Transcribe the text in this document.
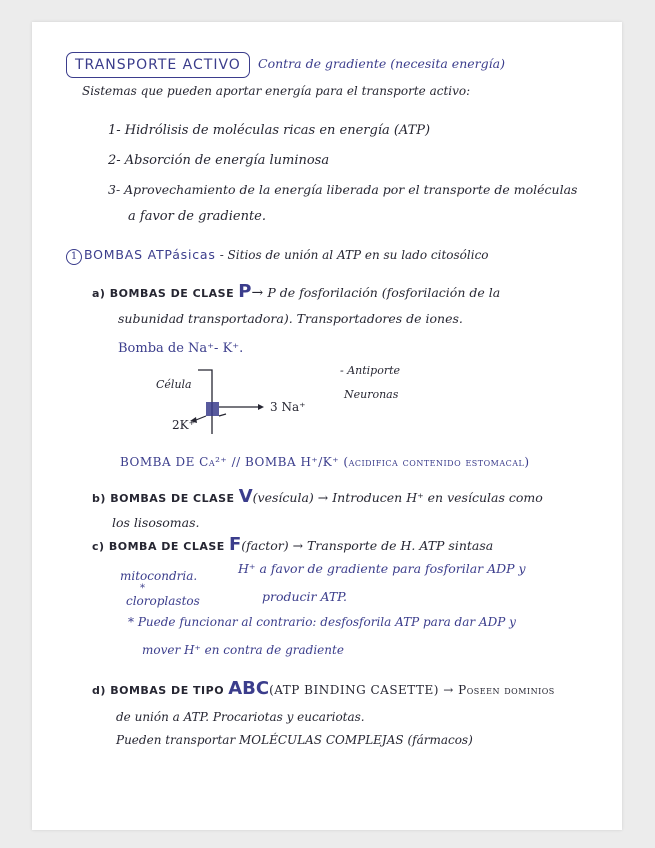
TRANSPORTE ACTIVO	Contra de gradiente (necesita energía)
Sistemas que pueden aportar energía para el transporte activo:
1- Hidrólisis de moléculas ricas en energía (ATP)
2- Absorción de energía luminosa
3- Aprovechamiento de la energía liberada por el transporte de moléculas
a favor de gradiente.
1 BOMBAS ATPásicas - Sitios de unión al ATP en su lado citosólico
a) BOMBAS DE CLASE P→ P de fosforilación (fosforilación de la
subunidad transportadora). Transportadores de iones.
Bomba de Na⁺- K⁺.
Célula
3 Na⁺
2K⁺
- Antiporte
Neuronas
BOMBA DE Ca²⁺ // BOMBA H⁺/K⁺ (acidifica contenido estomacal)
b) BOMBAS DE CLASE V(vesícula) → Introducen H⁺ en vesículas como
los lisosomas.
c) BOMBA DE CLASE F(factor) → Transporte de H. ATP sintasa
mitocondria.
*
cloroplastos
H⁺ a favor de gradiente para fosforilar ADP y
producir ATP.
* Puede funcionar al contrario: desfosforila ATP para dar ADP y
mover H⁺ en contra de gradiente
d) BOMBAS DE TIPO ABC(ATP BINDING CASETTE) → Poseen dominios
de unión a ATP. Procariotas y eucariotas.
Pueden transportar MOLÉCULAS COMPLEJAS (fármacos)
